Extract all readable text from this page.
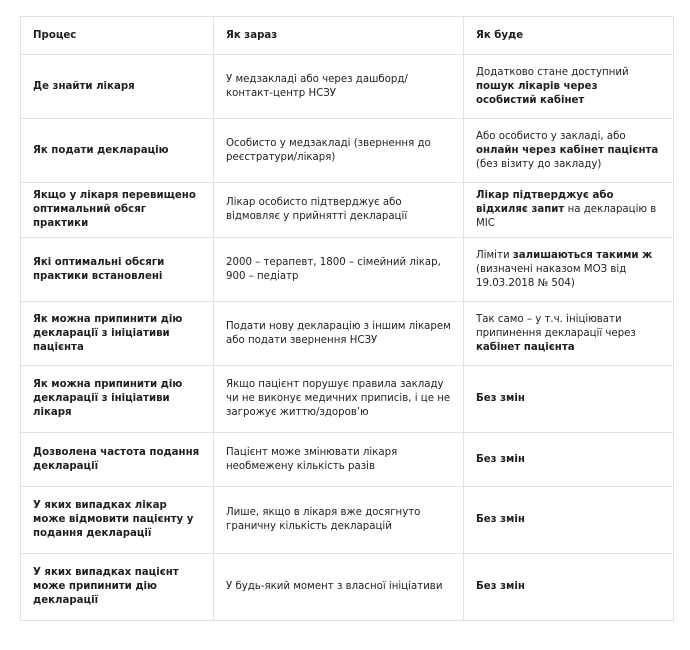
Процес	Як зараз	Як буде
Де знайти лікаря	У медзакладі або через дашборд/ контакт-центр НСЗУ	Додатково стане доступний пошук лікарів через особистий кабінет
Як подати декларацію	Особисто у медзакладі (звернення до реєстратури/лікаря)	Або особисто у закладі, або онлайн через кабінет пацієнта (без візиту до закладу)
Якщо у лікаря перевищено оптимальний обсяг практики	Лікар особисто підтверджує або відмовляє у прийнятті декларації	Лікар підтверджує або відхиляє запит на декларацію в МІС
Які оптимальні обсяги практики встановлені	2000 – терапевт, 1800 – сімейний лікар, 900 – педіатр	Ліміти залишаються такими ж (визначені наказом МОЗ від 19.03.2018 № 504)
Як можна припинити дію декларації з ініціативи пацієнта	Подати нову декларацію з іншим лікарем або подати звернення НСЗУ	Так само – у т.ч. ініціювати припинення декларації через кабінет пацієнта
Як можна припинити дію декларації з ініціативи лікаря	Якщо пацієнт порушує правила закладу чи не виконує медичних приписів, і це не загрожує життю/здоров’ю	Без змін
Дозволена частота подання декларації	Пацієнт може змінювати лікаря необмежену кількість разів	Без змін
У яких випадках лікар може відмовити пацієнту у подання декларації	Лише, якщо в лікаря вже досягнуто граничну кількість декларацій	Без змін
У яких випадках пацієнт може припинити дію декларації	У будь-який момент з власної ініціативи	Без змін
